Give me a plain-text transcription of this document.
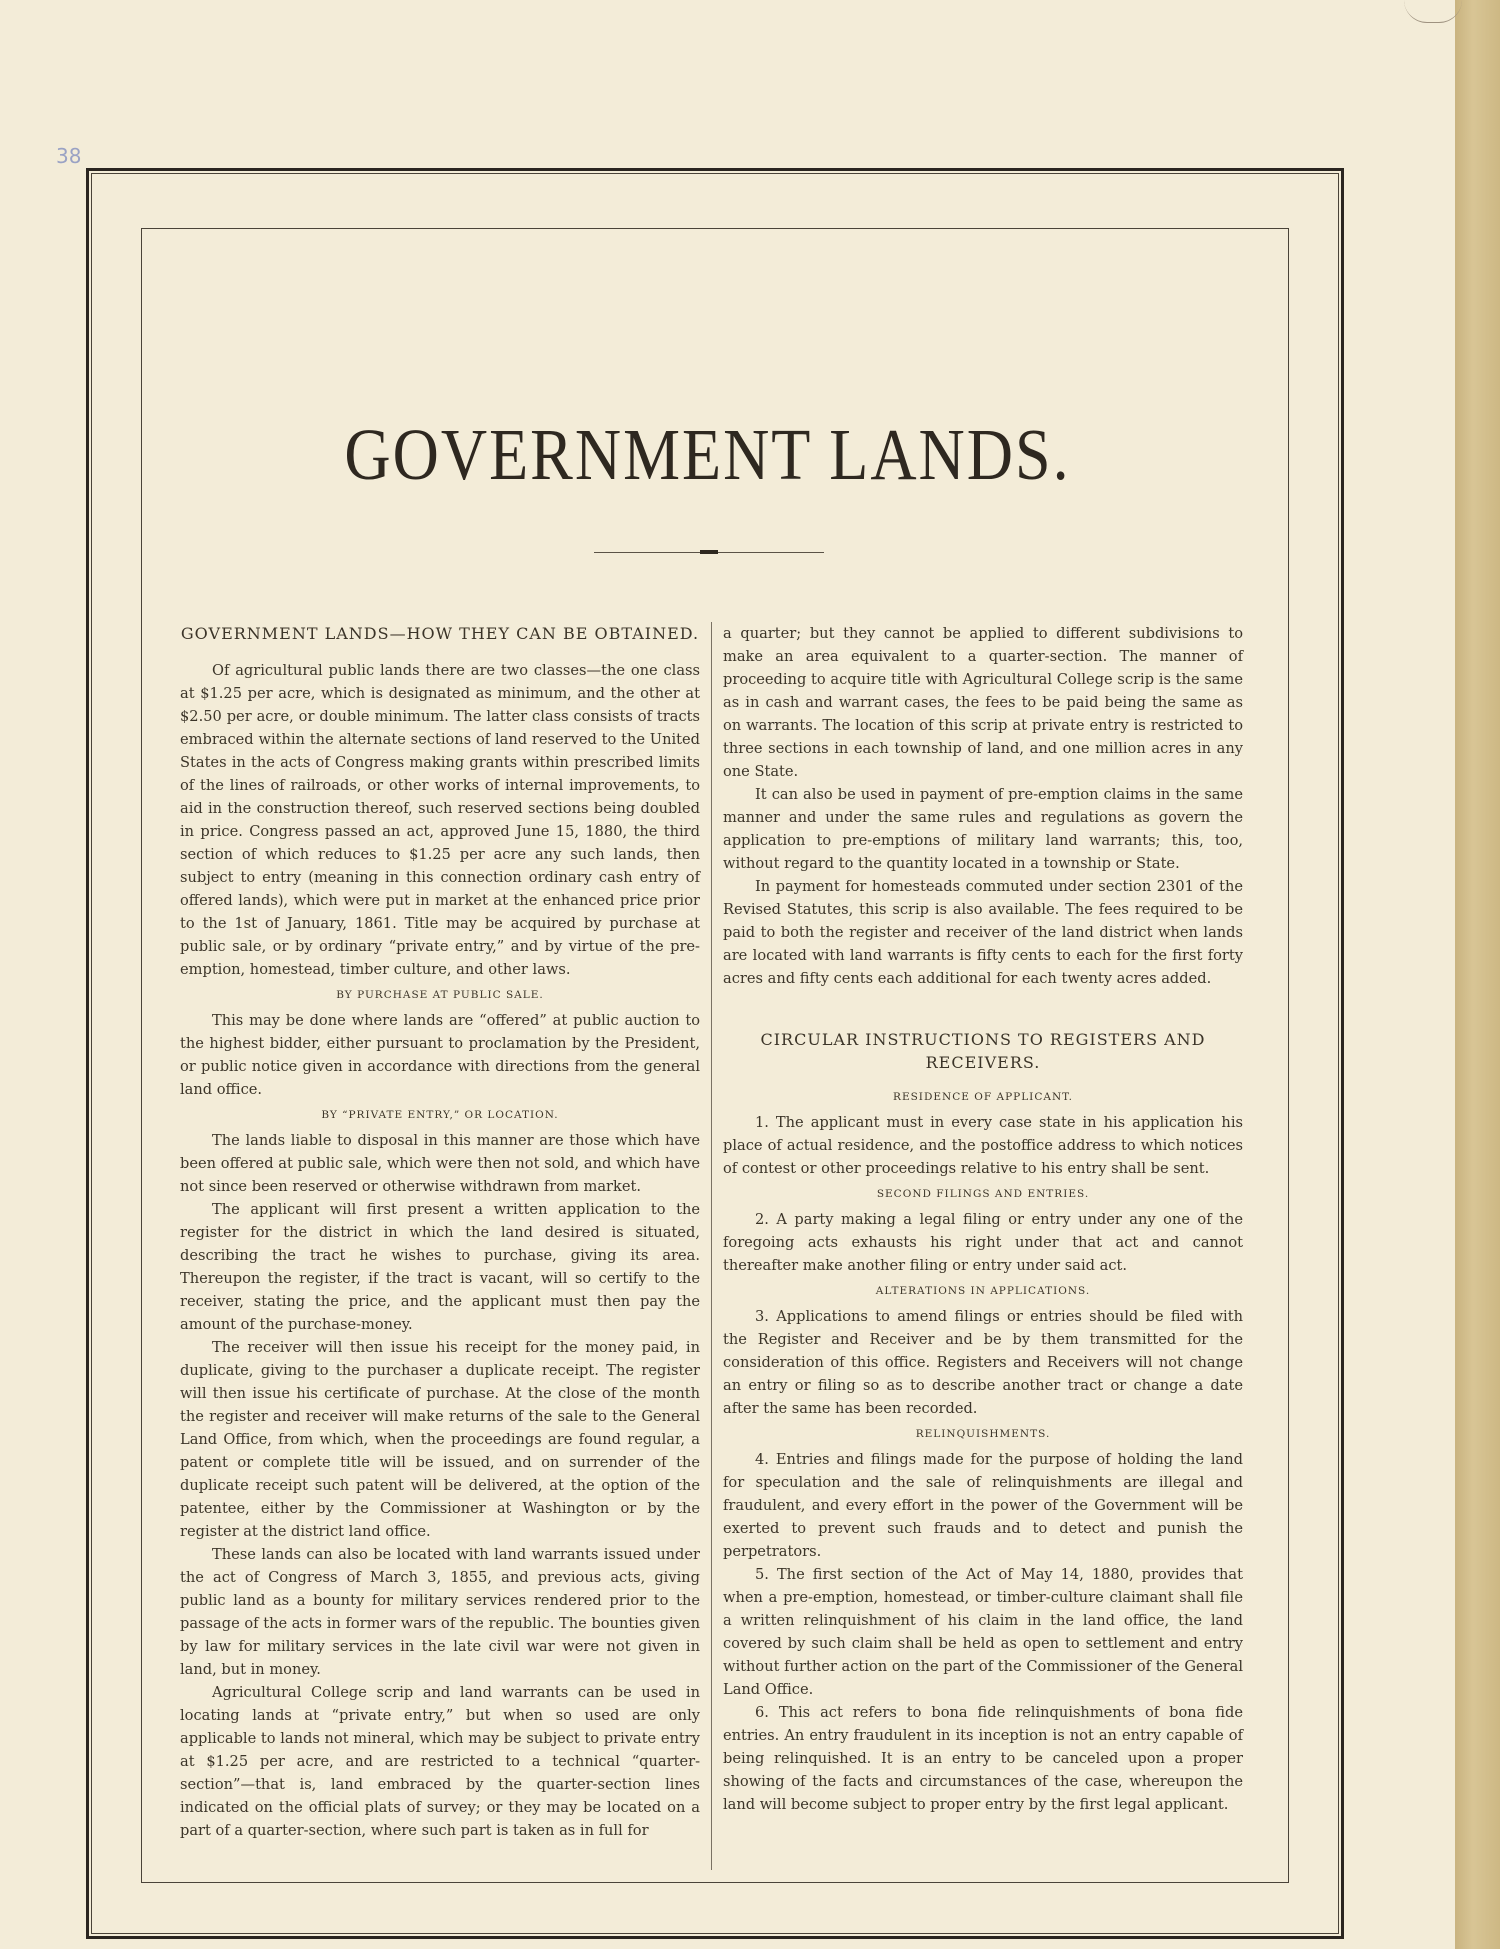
38
GOVERNMENT LANDS.

GOVERNMENT LANDS—HOW THEY CAN BE OBTAINED.

Of agricultural public lands there are two classes—the one class at $1.25 per acre, which is designated as minimum, and the other at $2.50 per acre, or double minimum. The latter class consists of tracts embraced within the alternate sections of land reserved to the United States in the acts of Congress making grants within prescribed limits of the lines of railroads, or other works of internal improvements, to aid in the construction thereof, such reserved sections being doubled in price. Congress passed an act, approved June 15, 1880, the third section of which reduces to $1.25 per acre any such lands, then subject to entry (meaning in this connection ordinary cash entry of offered lands), which were put in market at the enhanced price prior to the 1st of January, 1861. Title may be acquired by purchase at public sale, or by ordinary “private entry,” and by virtue of the pre-emption, homestead, timber culture, and other laws.

BY PURCHASE AT PUBLIC SALE.

This may be done where lands are “offered” at public auction to the highest bidder, either pursuant to proclamation by the President, or public notice given in accordance with directions from the general land office.

BY “PRIVATE ENTRY,” OR LOCATION.

The lands liable to disposal in this manner are those which have been offered at public sale, which were then not sold, and which have not since been reserved or otherwise withdrawn from market.

The applicant will first present a written application to the register for the district in which the land desired is situated, describing the tract he wishes to purchase, giving its area. Thereupon the register, if the tract is vacant, will so certify to the receiver, stating the price, and the applicant must then pay the amount of the purchase-money.

The receiver will then issue his receipt for the money paid, in duplicate, giving to the purchaser a duplicate receipt. The register will then issue his certificate of purchase. At the close of the month the register and receiver will make returns of the sale to the General Land Office, from which, when the proceedings are found regular, a patent or complete title will be issued, and on surrender of the duplicate receipt such patent will be delivered, at the option of the patentee, either by the Commissioner at Washington or by the register at the district land office.

These lands can also be located with land warrants issued under the act of Congress of March 3, 1855, and previous acts, giving public land as a bounty for military services rendered prior to the passage of the acts in former wars of the republic. The bounties given by law for military services in the late civil war were not given in land, but in money.

Agricultural College scrip and land warrants can be used in locating lands at “private entry,” but when so used are only applicable to lands not mineral, which may be subject to private entry at $1.25 per acre, and are restricted to a technical “quarter-section”—that is, land embraced by the quarter-section lines indicated on the official plats of survey; or they may be located on a part of a quarter-section, where such part is taken as in full for

a quarter; but they cannot be applied to different subdivisions to make an area equivalent to a quarter-section. The manner of proceeding to acquire title with Agricultural College scrip is the same as in cash and warrant cases, the fees to be paid being the same as on warrants. The location of this scrip at private entry is restricted to three sections in each township of land, and one million acres in any one State.

It can also be used in payment of pre-emption claims in the same manner and under the same rules and regulations as govern the application to pre-emptions of military land warrants; this, too, without regard to the quantity located in a township or State.

In payment for homesteads commuted under section 2301 of the Revised Statutes, this scrip is also available. The fees required to be paid to both the register and receiver of the land district when lands are located with land warrants is fifty cents to each for the first forty acres and fifty cents each additional for each twenty acres added.

CIRCULAR INSTRUCTIONS TO REGISTERS AND RECEIVERS.

RESIDENCE OF APPLICANT.

1. The applicant must in every case state in his application his place of actual residence, and the postoffice address to which notices of contest or other proceedings relative to his entry shall be sent.

SECOND FILINGS AND ENTRIES.

2. A party making a legal filing or entry under any one of the foregoing acts exhausts his right under that act and cannot thereafter make another filing or entry under said act.

ALTERATIONS IN APPLICATIONS.

3. Applications to amend filings or entries should be filed with the Register and Receiver and be by them transmitted for the consideration of this office. Registers and Receivers will not change an entry or filing so as to describe another tract or change a date after the same has been recorded.

RELINQUISHMENTS.

4. Entries and filings made for the purpose of holding the land for speculation and the sale of relinquishments are illegal and fraudulent, and every effort in the power of the Government will be exerted to prevent such frauds and to detect and punish the perpetrators.

5. The first section of the Act of May 14, 1880, provides that when a pre-emption, homestead, or timber-culture claimant shall file a written relinquishment of his claim in the land office, the land covered by such claim shall be held as open to settlement and entry without further action on the part of the Commissioner of the General Land Office.

6. This act refers to bona fide relinquishments of bona fide entries. An entry fraudulent in its inception is not an entry capable of being relinquished. It is an entry to be canceled upon a proper showing of the facts and circumstances of the case, whereupon the land will become subject to proper entry by the first legal applicant.
